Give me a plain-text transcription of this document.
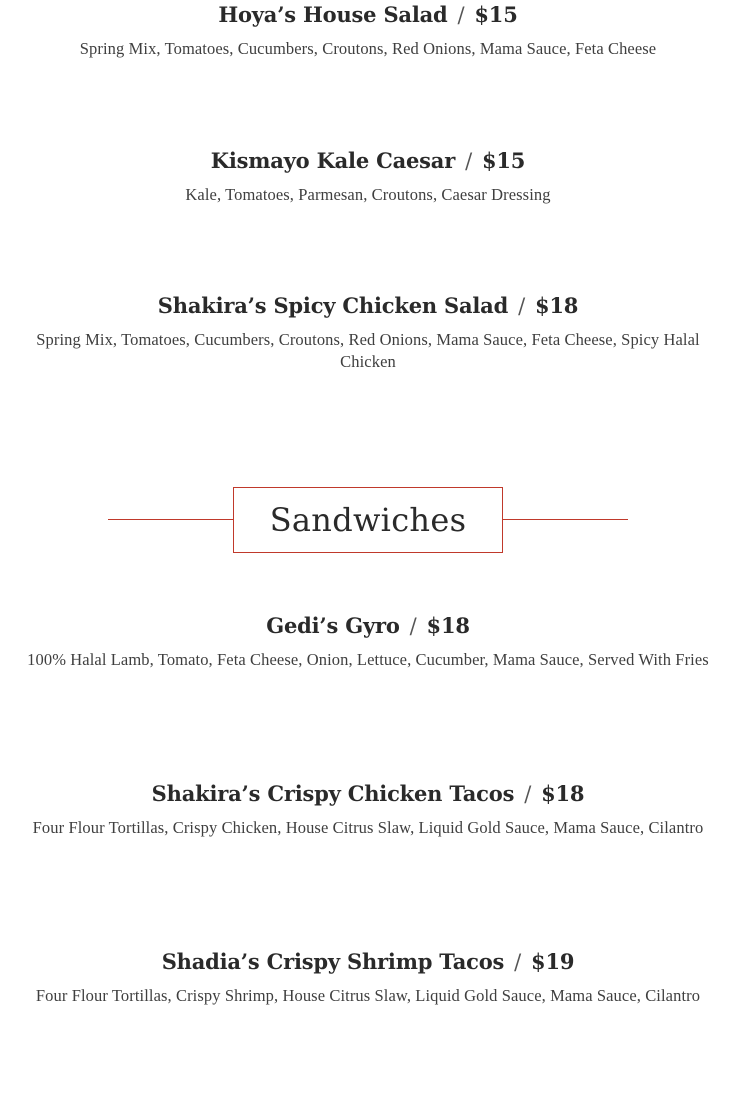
Hoya’s House Salad / $15

Spring Mix, Tomatoes, Cucumbers, Croutons, Red Onions, Mama Sauce, Feta Cheese

Kismayo Kale Caesar / $15

Kale, Tomatoes, Parmesan, Croutons, Caesar Dressing

Shakira’s Spicy Chicken Salad / $18

Spring Mix, Tomatoes, Cucumbers, Croutons, Red Onions, Mama Sauce, Feta Cheese, Spicy Halal Chicken

Sandwiches
Gedi’s Gyro / $18

100% Halal Lamb, Tomato, Feta Cheese, Onion, Lettuce, Cucumber, Mama Sauce, Served With Fries

Shakira’s Crispy Chicken Tacos / $18

Four Flour Tortillas, Crispy Chicken, House Citrus Slaw, Liquid Gold Sauce, Mama Sauce, Cilantro

Shadia’s Crispy Shrimp Tacos / $19

Four Flour Tortillas, Crispy Shrimp, House Citrus Slaw, Liquid Gold Sauce, Mama Sauce, Cilantro
